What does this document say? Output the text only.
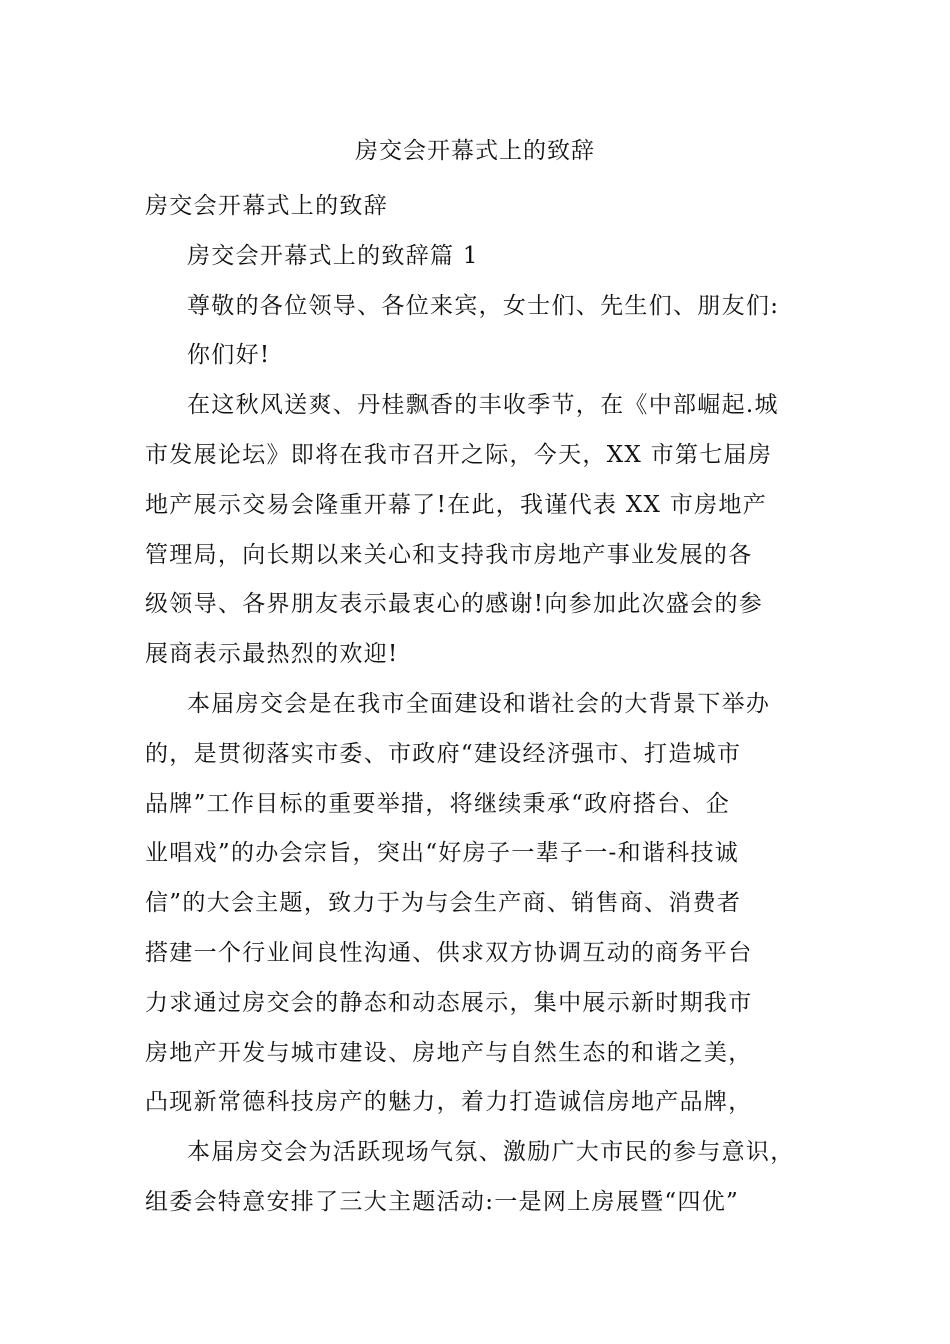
房交会开幕式上的致辞

房交会开幕式上的致辞

房交会开幕式上的致辞篇 1

尊敬的各位领导、各位来宾，女士们、先生们、朋友们:

你们好!

在这秋风送爽、丹桂飘香的丰收季节，在《中部崛起.城

市发展论坛》即将在我市召开之际，今天，XX 市第七届房

地产展示交易会隆重开幕了!在此，我谨代表 XX 市房地产

管理局，向长期以来关心和支持我市房地产事业发展的各

级领导、各界朋友表示最衷心的感谢!向参加此次盛会的参

展商表示最热烈的欢迎!

本届房交会是在我市全面建设和谐社会的大背景下举办

的，是贯彻落实市委、市政府“建设经济强市、打造城市

品牌”工作目标的重要举措，将继续秉承“政府搭台、企

业唱戏”的办会宗旨，突出“好房子一辈子一-和谐科技诚

信”的大会主题，致力于为与会生产商、销售商、消费者

搭建一个行业间良性沟通、供求双方协调互动的商务平台

力求通过房交会的静态和动态展示，集中展示新时期我市

房地产开发与城市建设、房地产与自然生态的和谐之美，

凸现新常德科技房产的魅力，着力打造诚信房地产品牌，

本届房交会为活跃现场气氛、激励广大市民的参与意识，

组委会特意安排了三大主题活动:一是网上房展暨“四优”
